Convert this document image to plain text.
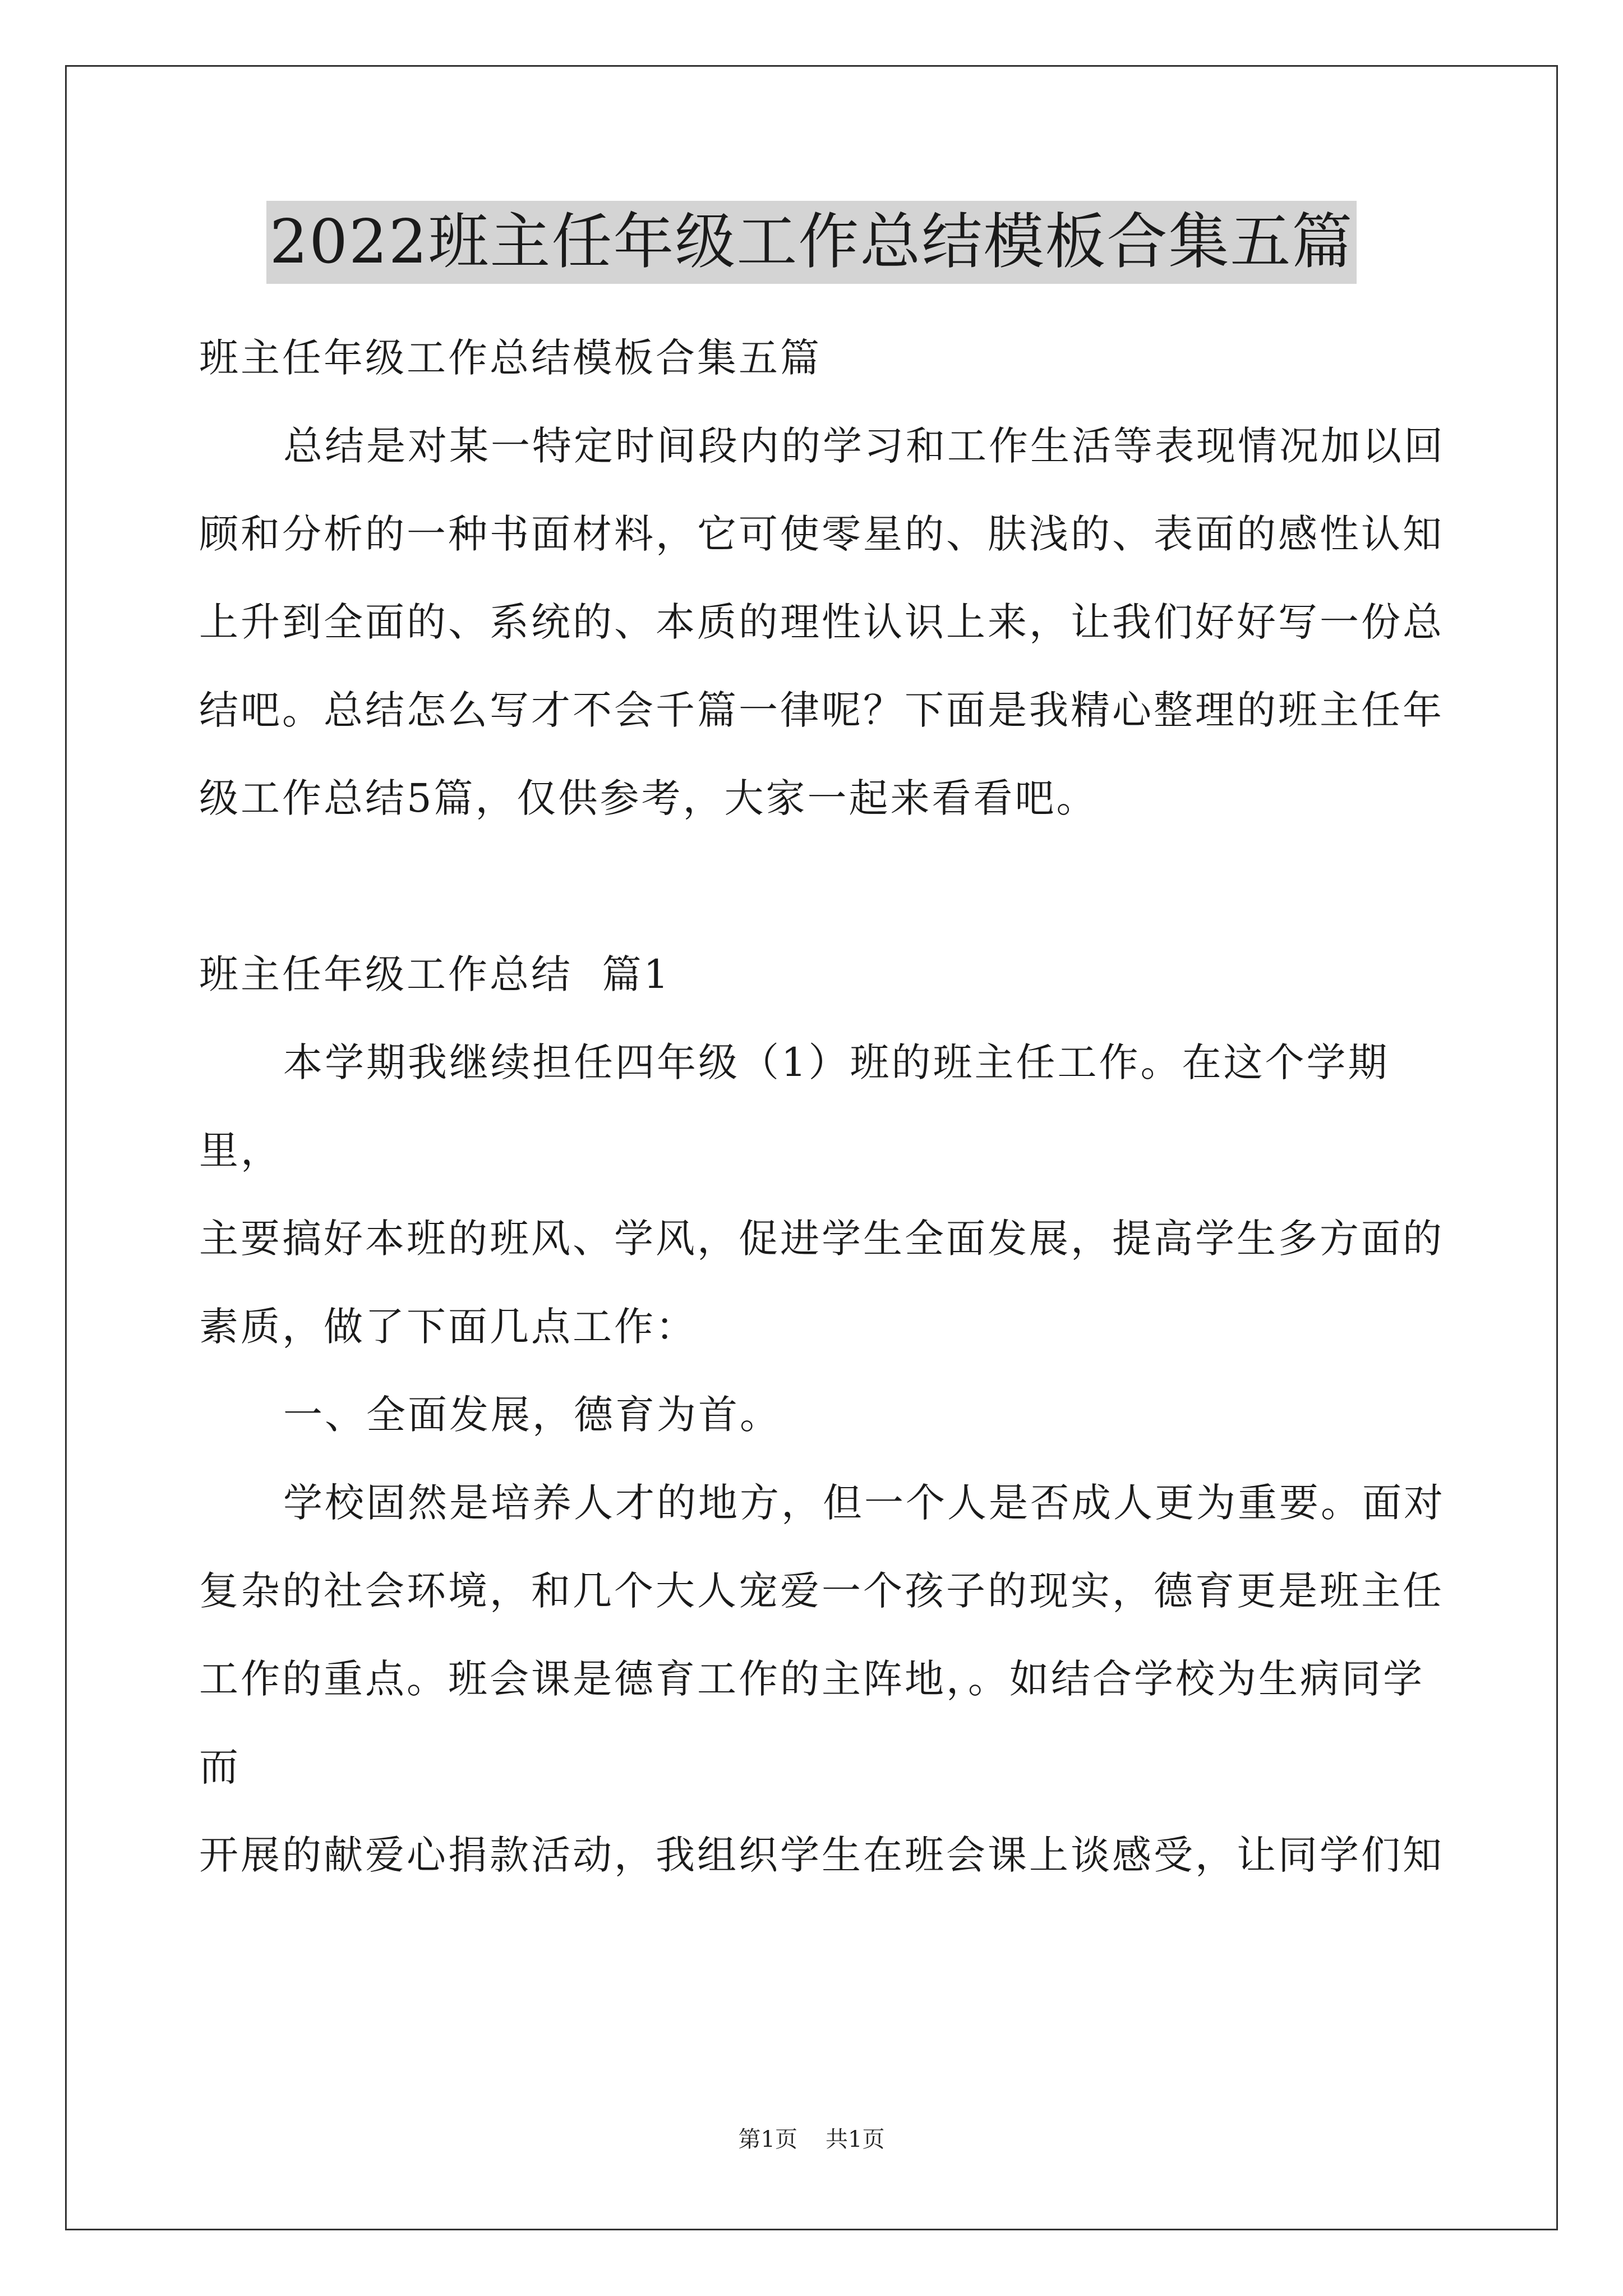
2022班主任年级工作总结模板合集五篇

班主任年级工作总结模板合集五篇

总结是对某一特定时间段内的学习和工作生活等表现情况加以回

顾和分析的一种书面材料，它可使零星的、肤浅的、表面的感性认知

上升到全面的、系统的、本质的理性认识上来，让我们好好写一份总

结吧。总结怎么写才不会千篇一律呢？下面是我精心整理的班主任年

级工作总结5篇，仅供参考，大家一起来看看吧。

班主任年级工作总结  篇1

本学期我继续担任四年级（1）班的班主任工作。在这个学期里，

主要搞好本班的班风、学风，促进学生全面发展，提高学生多方面的

素质，做了下面几点工作：

一、全面发展，德育为首。

学校固然是培养人才的地方，但一个人是否成人更为重要。面对

复杂的社会环境，和几个大人宠爱一个孩子的现实，德育更是班主任

工作的重点。班会课是德育工作的主阵地，。如结合学校为生病同学而

开展的献爱心捐款活动，我组织学生在班会课上谈感受，让同学们知

第1页 共1页
